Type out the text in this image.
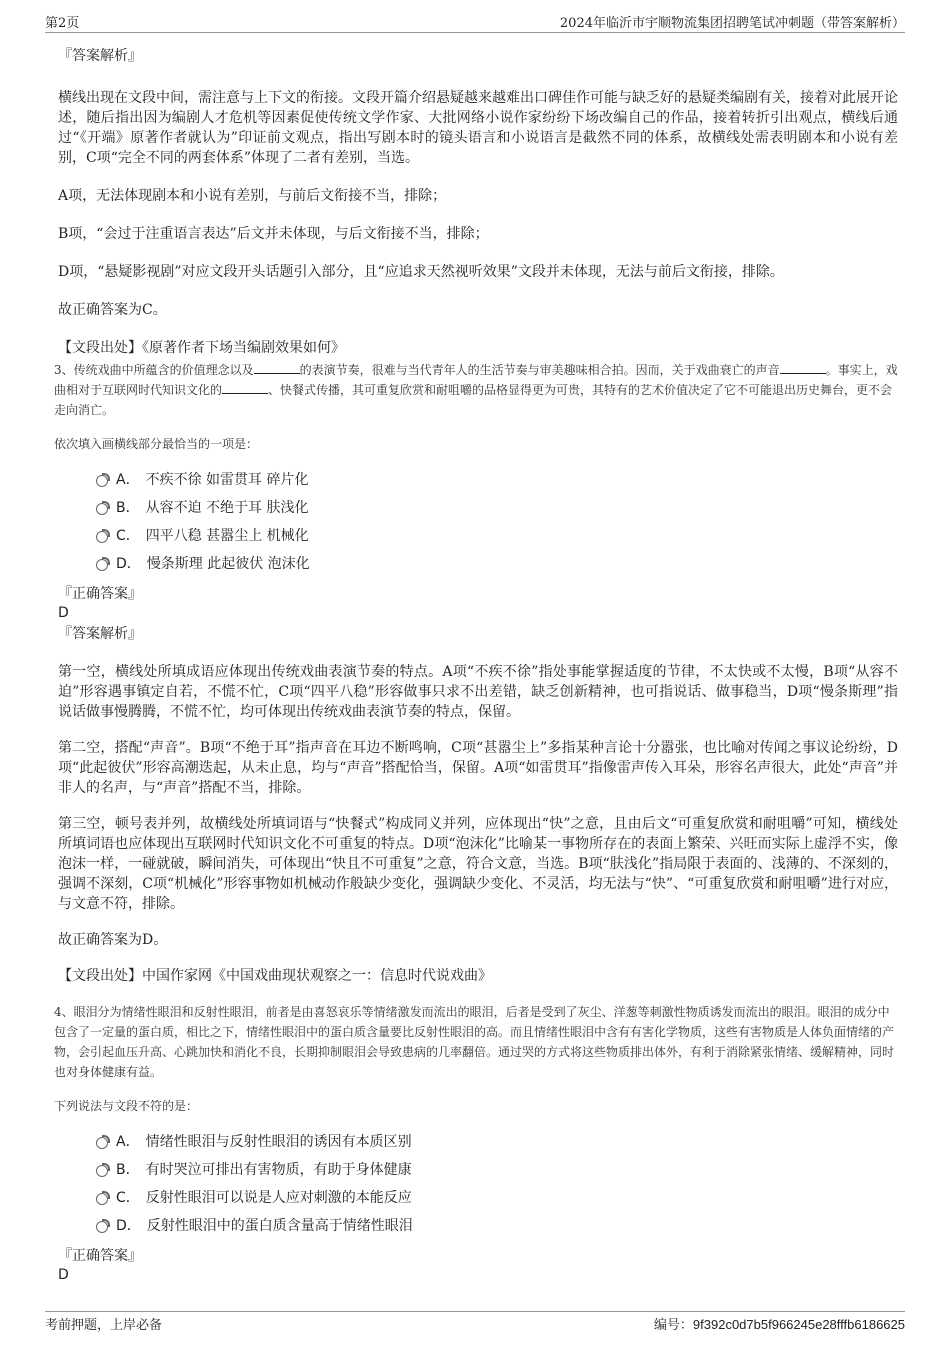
第2页	2024年临沂市宇顺物流集团招聘笔试冲刺题（带答案解析）

『答案解析』

横线出现在文段中间，需注意与上下文的衔接。文段开篇介绍悬疑越来越难出口碑佳作可能与缺乏好的悬疑类编剧有关，接着对此展开论述，随后指出因为编剧人才危机等因素促使传统文学作家、大批网络小说作家纷纷下场改编自己的作品，接着转折引出观点，横线后通过“《开端》原著作者就认为”印证前文观点，指出写剧本时的镜头语言和小说语言是截然不同的体系，故横线处需表明剧本和小说有差别，C项“完全不同的两套体系”体现了二者有差别，当选。

A项，无法体现剧本和小说有差别，与前后文衔接不当，排除；

B项，“会过于注重语言表达”后文并未体现，与后文衔接不当，排除；

D项，“悬疑影视剧”对应文段开头话题引入部分，且“应追求天然视听效果”文段并未体现，无法与前后文衔接，排除。

故正确答案为C。

【文段出处】《原著作者下场当编剧效果如何》

3、传统戏曲中所蕴含的价值理念以及	的表演节奏，很难与当代青年人的生活节奏与审美趣味相合拍。因而，关于戏曲衰亡的声音	。事实上，戏曲相对于互联网时代知识文化的	、快餐式传播，其可重复欣赏和耐咀嚼的品格显得更为可贵，其特有的艺术价值决定了它不可能退出历史舞台，更不会走向消亡。

依次填入画横线部分最恰当的一项是：

A． 不疾不徐 如雷贯耳 碎片化
B． 从容不迫 不绝于耳 肤浅化
C． 四平八稳 甚嚣尘上 机械化
D． 慢条斯理 此起彼伏 泡沫化

『正确答案』

D

『答案解析』

第一空，横线处所填成语应体现出传统戏曲表演节奏的特点。A项“不疾不徐”指处事能掌握适度的节律，不太快或不太慢，B项“从容不迫”形容遇事镇定自若，不慌不忙，C项“四平八稳”形容做事只求不出差错，缺乏创新精神，也可指说话、做事稳当，D项“慢条斯理”指说话做事慢腾腾，不慌不忙，均可体现出传统戏曲表演节奏的特点，保留。

第二空，搭配“声音”。B项“不绝于耳”指声音在耳边不断鸣响，C项“甚嚣尘上”多指某种言论十分嚣张，也比喻对传闻之事议论纷纷，D项“此起彼伏”形容高潮迭起，从未止息，均与“声音”搭配恰当，保留。A项“如雷贯耳”指像雷声传入耳朵，形容名声很大，此处“声音”并非人的名声，与“声音”搭配不当，排除。

第三空，顿号表并列，故横线处所填词语与“快餐式”构成同义并列，应体现出“快”之意，且由后文“可重复欣赏和耐咀嚼”可知，横线处所填词语也应体现出互联网时代知识文化不可重复的特点。D项“泡沫化”比喻某一事物所存在的表面上繁荣、兴旺而实际上虚浮不实，像泡沫一样，一碰就破，瞬间消失，可体现出“快且不可重复”之意，符合文意，当选。B项“肤浅化”指局限于表面的、浅薄的、不深刻的，强调不深刻，C项“机械化”形容事物如机械动作般缺少变化，强调缺少变化、不灵活，均无法与“快”、“可重复欣赏和耐咀嚼”进行对应，与文意不符，排除。

故正确答案为D。

【文段出处】中国作家网《中国戏曲现状观察之一：信息时代说戏曲》

4、眼泪分为情绪性眼泪和反射性眼泪，前者是由喜怒哀乐等情绪激发而流出的眼泪，后者是受到了灰尘、洋葱等刺激性物质诱发而流出的眼泪。眼泪的成分中包含了一定量的蛋白质，相比之下，情绪性眼泪中的蛋白质含量要比反射性眼泪的高。而且情绪性眼泪中含有有害化学物质，这些有害物质是人体负面情绪的产物，会引起血压升高、心跳加快和消化不良，长期抑制眼泪会导致患病的几率翻倍。通过哭的方式将这些物质排出体外，有利于消除紧张情绪、缓解精神，同时也对身体健康有益。

下列说法与文段不符的是：

A． 情绪性眼泪与反射性眼泪的诱因有本质区别
B． 有时哭泣可排出有害物质，有助于身体健康
C． 反射性眼泪可以说是人应对刺激的本能反应
D． 反射性眼泪中的蛋白质含量高于情绪性眼泪

『正确答案』

D

考前押题，上岸必备	编号：9f392c0d7b5f966245e28fffb6186625
